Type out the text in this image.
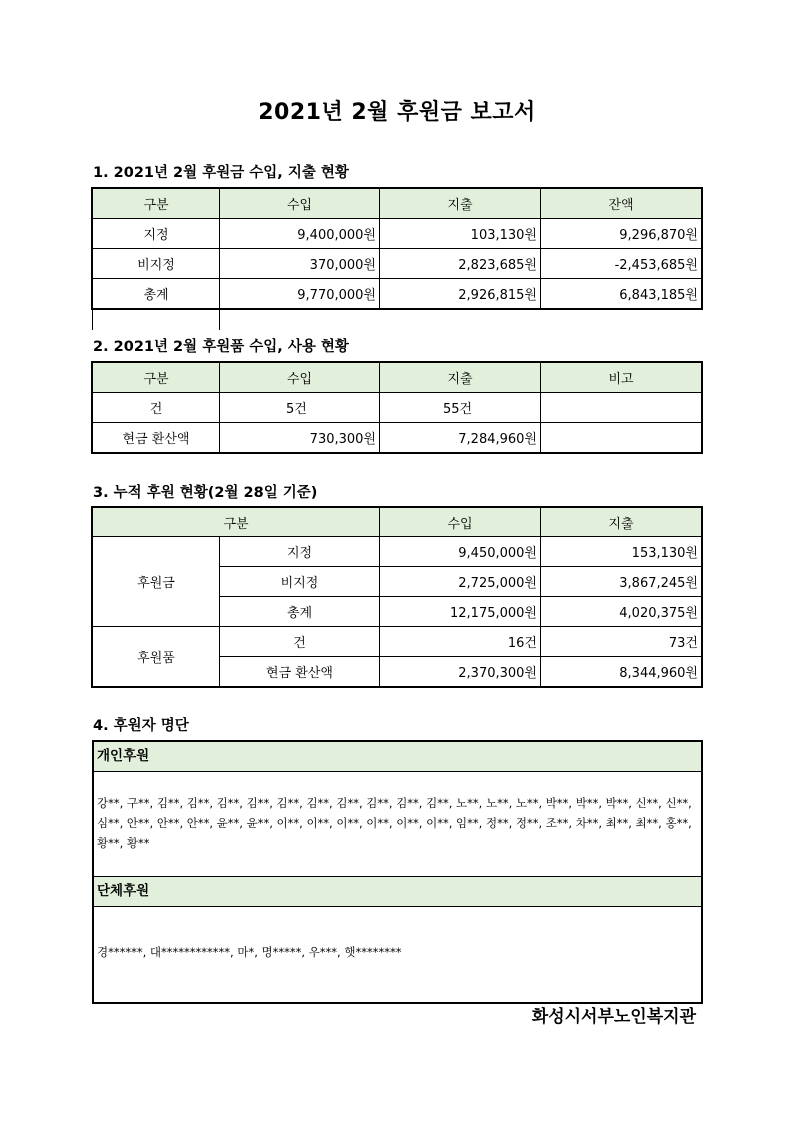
2021년 2월 후원금 보고서
1. 2021년 2월 후원금 수입, 지출 현황
구분	수입	지출	잔액
지정	9,400,000원	103,130원	9,296,870원
비지정	370,000원	2,823,685원	-2,453,685원
총계	9,770,000원	2,926,815원	6,843,185원
2. 2021년 2월 후원품 수입, 사용 현황
구분	수입	지출	비고
건	5건	55건	
현금 환산액	730,300원	7,284,960원	
3. 누적 후원 현황(2월 28일 기준)
구분		수입	지출
후원금	지정	9,450,000원	153,130원
	비지정	2,725,000원	3,867,245원
	총계	12,175,000원	4,020,375원
후원품	건	16건	73건
	현금 환산액	2,370,300원	8,344,960원
4. 후원자 명단
개인후원
강**, 구**, 김**, 김**, 김**, 김**, 김**, 김**, 김**, 김**, 김**, 김**, 노**, 노**, 노**, 박**, 박**, 박**, 신**, 신**, 심**, 안**, 안**, 안**, 윤**, 윤**, 이**, 이**, 이**, 이**, 이**, 이**, 임**, 정**, 정**, 조**, 차**, 최**, 최**, 홍**, 황**, 황**
단체후원
경******, 대************, 마*, 명*****, 우***, 햇********
화성시서부노인복지관
